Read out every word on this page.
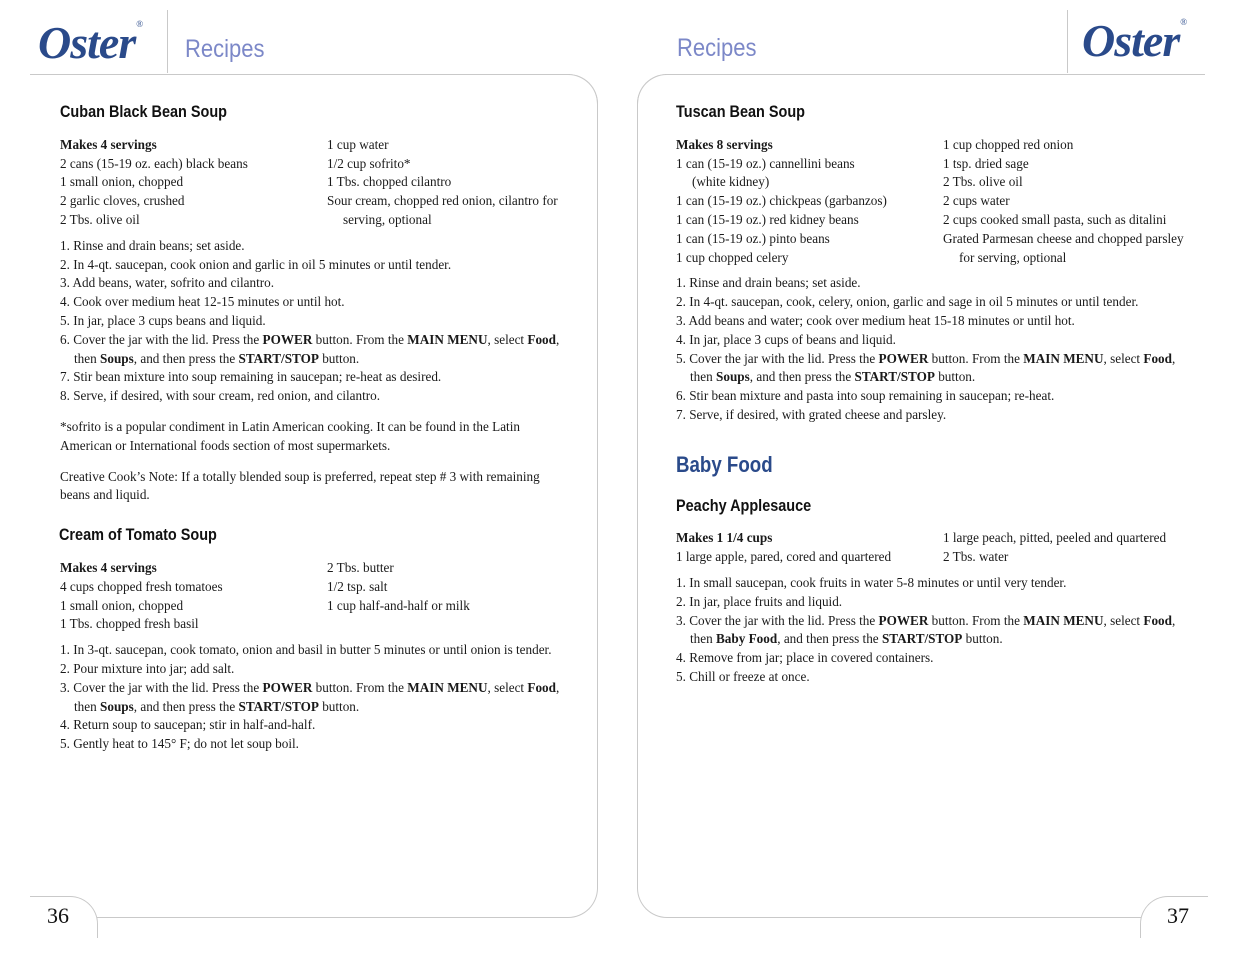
Oster®
Recipes
36
Recipes	Oster®
37
Cuban Black Bean Soup
Makes 4 servings
2 cans (15-19 oz. each) black beans
1 small onion, chopped
2 garlic cloves, crushed
2 Tbs. olive oil
1 cup water
1/2 cup sofrito*
1 Tbs. chopped cilantro
Sour cream, chopped red onion, cilantro for
serving, optional
1. Rinse and drain beans; set aside.
2. In 4-qt. saucepan, cook onion and garlic in oil 5 minutes or until tender.
3. Add beans, water, sofrito and cilantro.
4. Cook over medium heat 12-15 minutes or until hot.
5. In jar, place 3 cups beans and liquid.
6. Cover the jar with the lid. Press the POWER button. From the MAIN MENU, select Food,
then Soups, and then press the START/STOP button.
7. Stir bean mixture into soup remaining in saucepan; re-heat as desired.
8. Serve, if desired, with sour cream, red onion, and cilantro.

*sofrito is a popular condiment in Latin American cooking. It can be found in the Latin
American or International foods section of most supermarkets.

Creative Cook’s Note: If a totally blended soup is preferred, repeat step # 3 with remaining
beans and liquid.

Cream of Tomato Soup
Makes 4 servings
4 cups chopped fresh tomatoes
1 small onion, chopped
1 Tbs. chopped fresh basil
2 Tbs. butter
1/2 tsp. salt
1 cup half-and-half or milk
1. In 3-qt. saucepan, cook tomato, onion and basil in butter 5 minutes or until onion is tender.
2. Pour mixture into jar; add salt.
3. Cover the jar with the lid. Press the POWER button. From the MAIN MENU, select Food,
then Soups, and then press the START/STOP button.
4. Return soup to saucepan; stir in half-and-half.
5. Gently heat to 145° F; do not let soup boil.
Tuscan Bean Soup
Makes 8 servings
1 can (15-19 oz.) cannellini beans
(white kidney)
1 can (15-19 oz.) chickpeas (garbanzos)
1 can (15-19 oz.) red kidney beans
1 can (15-19 oz.) pinto beans
1 cup chopped celery
1 cup chopped red onion
1 tsp. dried sage
2 Tbs. olive oil
2 cups water
2 cups cooked small pasta, such as ditalini
Grated Parmesan cheese and chopped parsley
for serving, optional
1. Rinse and drain beans; set aside.
2. In 4-qt. saucepan, cook, celery, onion, garlic and sage in oil 5 minutes or until tender.
3. Add beans and water; cook over medium heat 15-18 minutes or until hot.
4. In jar, place 3 cups of beans and liquid.
5. Cover the jar with the lid. Press the POWER button. From the MAIN MENU, select Food,
then Soups, and then press the START/STOP button.
6. Stir bean mixture and pasta into soup remaining in saucepan; re-heat.
7. Serve, if desired, with grated cheese and parsley.
Baby Food
Peachy Applesauce
Makes 1 1/4 cups
1 large apple, pared, cored and quartered
1 large peach, pitted, peeled and quartered
2 Tbs. water
1. In small saucepan, cook fruits in water 5-8 minutes or until very tender.
2. In jar, place fruits and liquid.
3. Cover the jar with the lid. Press the POWER button. From the MAIN MENU, select Food,
then Baby Food, and then press the START/STOP button.
4. Remove from jar; place in covered containers.
5. Chill or freeze at once.
